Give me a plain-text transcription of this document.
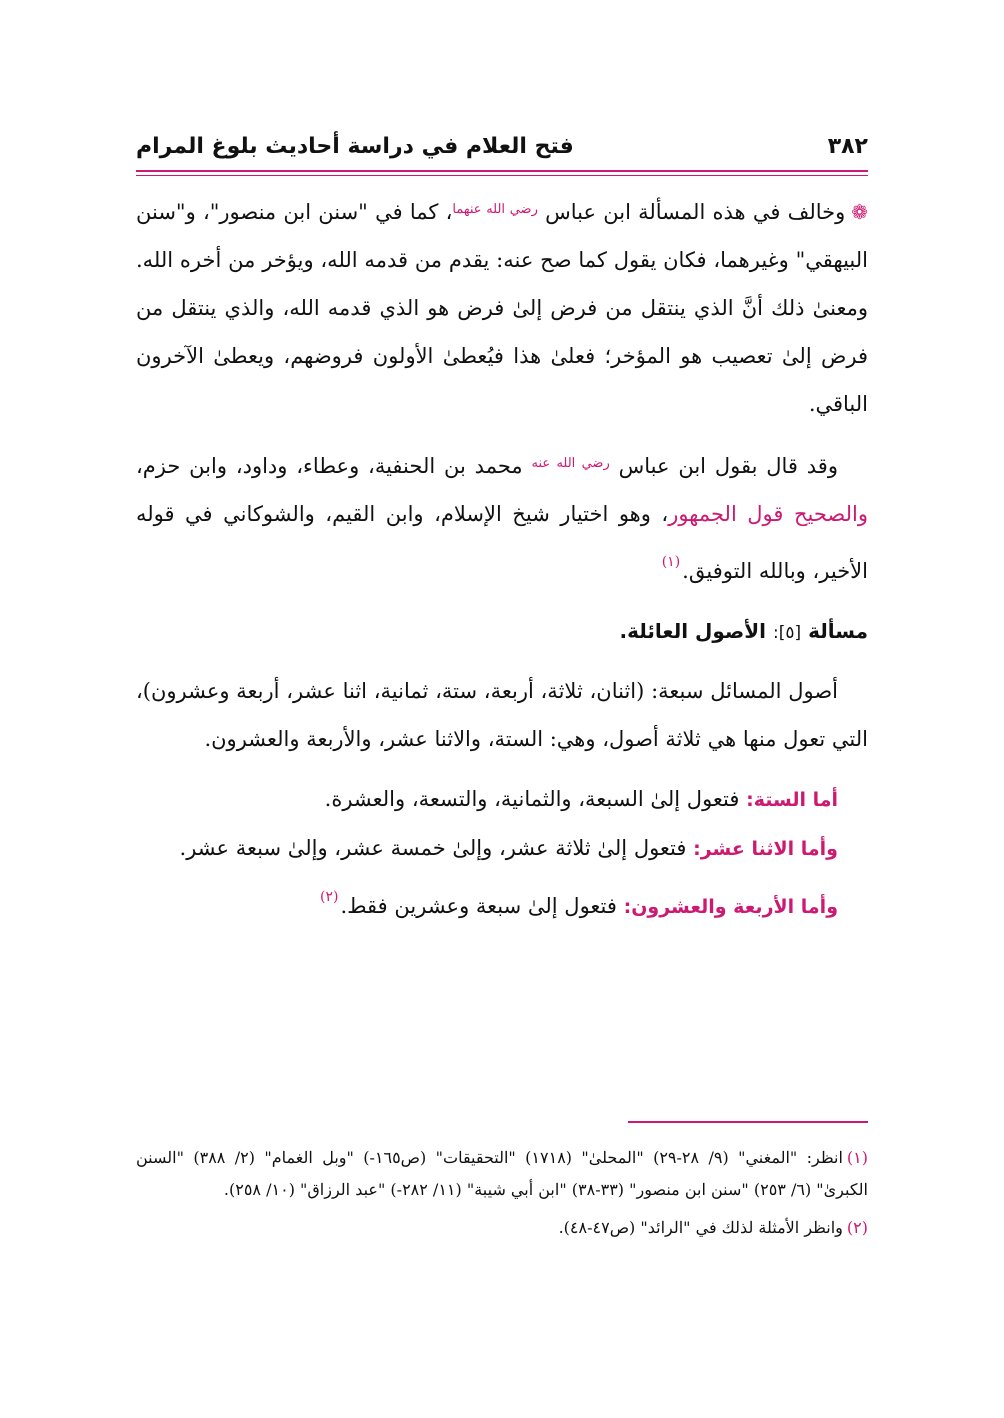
٣٨٢
فتح العلام في دراسة أحاديث بلوغ المرام

❁وخالف في هذه المسألة ابن عباس $^{رضي الله عنهما}$، كما في "سنن ابن منصور"، و"سنن البيهقي" وغيرهما، فكان يقول كما صح عنه: يقدم من قدمه الله، ويؤخر من أخره الله. ومعنىٰ ذلك أنَّ الذي ينتقل من فرض إلىٰ فرض هو الذي قدمه الله، والذي ينتقل من فرض إلىٰ تعصيب هو المؤخر؛ فعلىٰ هذا فيُعطىٰ الأولون فروضهم، ويعطىٰ الآخرون الباقي.

وقد قال بقول ابن عباس $^{رضي الله عنه}$ محمد بن الحنفية، وعطاء، وداود، وابن حزم، والصحيح قول الجمهور، وهو اختيار شيخ الإسلام، وابن القيم، والشوكاني في قوله الأخير، وبالله التوفيق.$^{(١)}$

مسألة [٥]: الأصول العائلة.

أصول المسائل سبعة: (اثنان، ثلاثة، أربعة، ستة، ثمانية، اثنا عشر، أربعة وعشرون)، التي تعول منها هي ثلاثة أصول، وهي: الستة، والاثنا عشر، والأربعة والعشرون.

أما الستة: فتعول إلىٰ السبعة، والثمانية، والتسعة، والعشرة.

وأما الاثنا عشر: فتعول إلىٰ ثلاثة عشر، وإلىٰ خمسة عشر، وإلىٰ سبعة عشر.

وأما الأربعة والعشرون: فتعول إلىٰ سبعة وعشرين فقط.$^{(٢)}$

(١)انظر: "المغني" (٩/ ٢٨-٢٩) "المحلىٰ" (١٧١٨) "التحقيقات" (ص١٦٥-) "وبل الغمام" (٢/ ٣٨٨) "السنن الكبرىٰ" (٦/ ٢٥٣) "سنن ابن منصور" (٣٣-٣٨) "ابن أبي شيبة" (١١/ ٢٨٢-) "عبد الرزاق" (١٠/ ٢٥٨).

(٢)وانظر الأمثلة لذلك في "الرائد" (ص٤٧-٤٨).
